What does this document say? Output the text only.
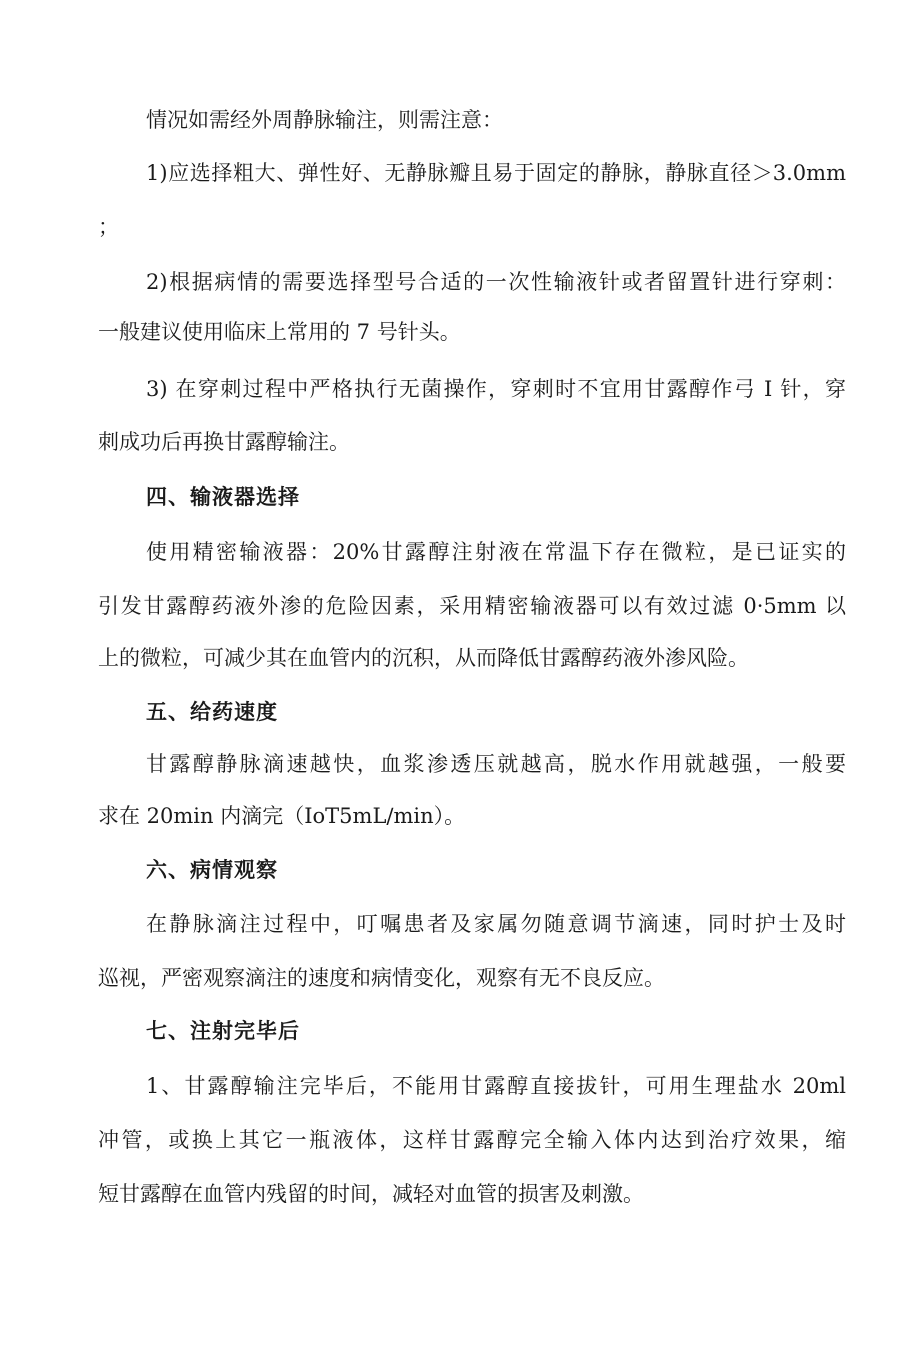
情况如需经外周静脉输注，则需注意：
1)应选择粗大、弹性好、无静脉瓣且易于固定的静脉，静脉直径＞3.0mm
；
2)根据病情的需要选择型号合适的一次性输液针或者留置针进行穿刺：
一般建议使用临床上常用的 7 号针头。
3) 在穿刺过程中严格执行无菌操作，穿刺时不宜用甘露醇作弓 I 针，穿
刺成功后再换甘露醇输注。
四、输液器选择
使用精密输液器：20%甘露醇注射液在常温下存在微粒，是已证实的
引发甘露醇药液外渗的危险因素，采用精密输液器可以有效过滤 0·5mm 以
上的微粒，可减少其在血管内的沉积，从而降低甘露醇药液外渗风险。
五、给药速度
甘露醇静脉滴速越快，血浆渗透压就越高，脱水作用就越强，一般要
求在 20min 内滴完（IoT5mL∕min）。
六、病情观察
在静脉滴注过程中，叮嘱患者及家属勿随意调节滴速，同时护士及时
巡视，严密观察滴注的速度和病情变化，观察有无不良反应。
七、注射完毕后
1、甘露醇输注完毕后，不能用甘露醇直接拔针，可用生理盐水 20ml
冲管，或换上其它一瓶液体，这样甘露醇完全输入体内达到治疗效果，缩
短甘露醇在血管内残留的时间，减轻对血管的损害及刺激。
